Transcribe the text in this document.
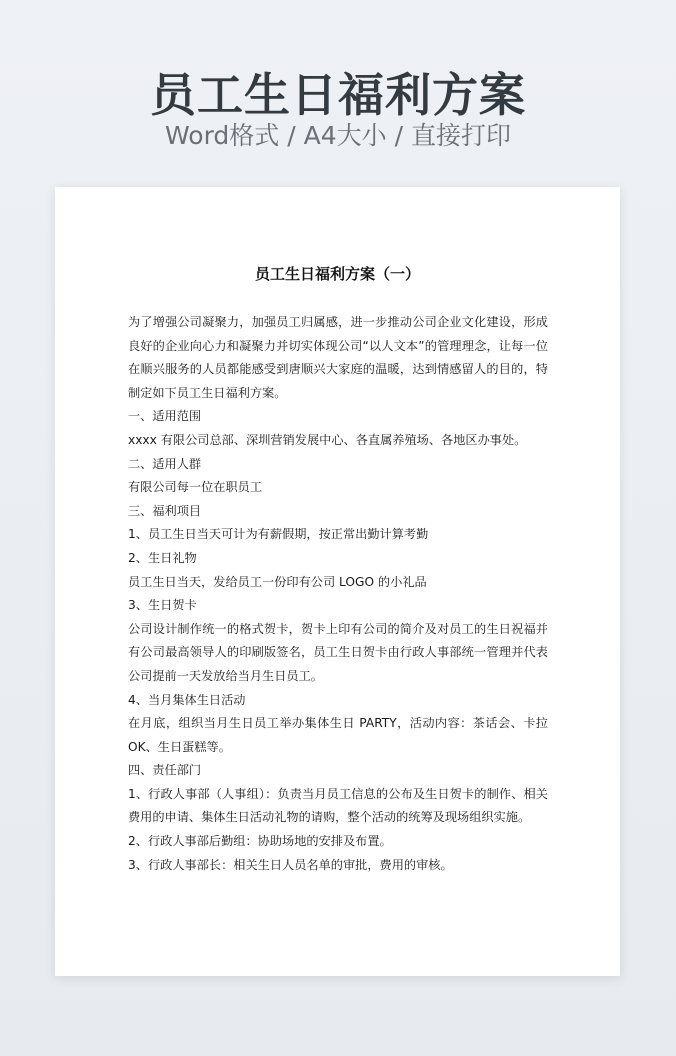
员工生日福利方案
Word格式 / A4大小 / 直接打印
员工生日福利方案（一）

为了增强公司凝聚力，加强员工归属感，进一步推动公司企业文化建设，形成良好的企业向心力和凝聚力并切实体现公司“以人文本”的管理理念，让每一位在顺兴服务的人员都能感受到唐顺兴大家庭的温暖，达到情感留人的目的，特制定如下员工生日福利方案。

一、适用范围

xxxx 有限公司总部、深圳营销发展中心、各直属养殖场、各地区办事处。

二、适用人群

有限公司每一位在职员工

三、福利项目

1、员工生日当天可计为有薪假期，按正常出勤计算考勤

2、生日礼物

员工生日当天，发给员工一份印有公司 LOGO 的小礼品

3、生日贺卡

公司设计制作统一的格式贺卡，贺卡上印有公司的简介及对员工的生日祝福并有公司最高领导人的印刷版签名，员工生日贺卡由行政人事部统一管理并代表公司提前一天发放给当月生日员工。

4、当月集体生日活动

在月底，组织当月生日员工举办集体生日 PARTY，活动内容：茶话会、卡拉 OK、生日蛋糕等。

四、责任部门

1、行政人事部（人事组）：负责当月员工信息的公布及生日贺卡的制作、相关费用的申请、集体生日活动礼物的请购，整个活动的统筹及现场组织实施。

2、行政人事部后勤组：协助场地的安排及布置。

3、行政人事部长：相关生日人员名单的审批，费用的审核。
